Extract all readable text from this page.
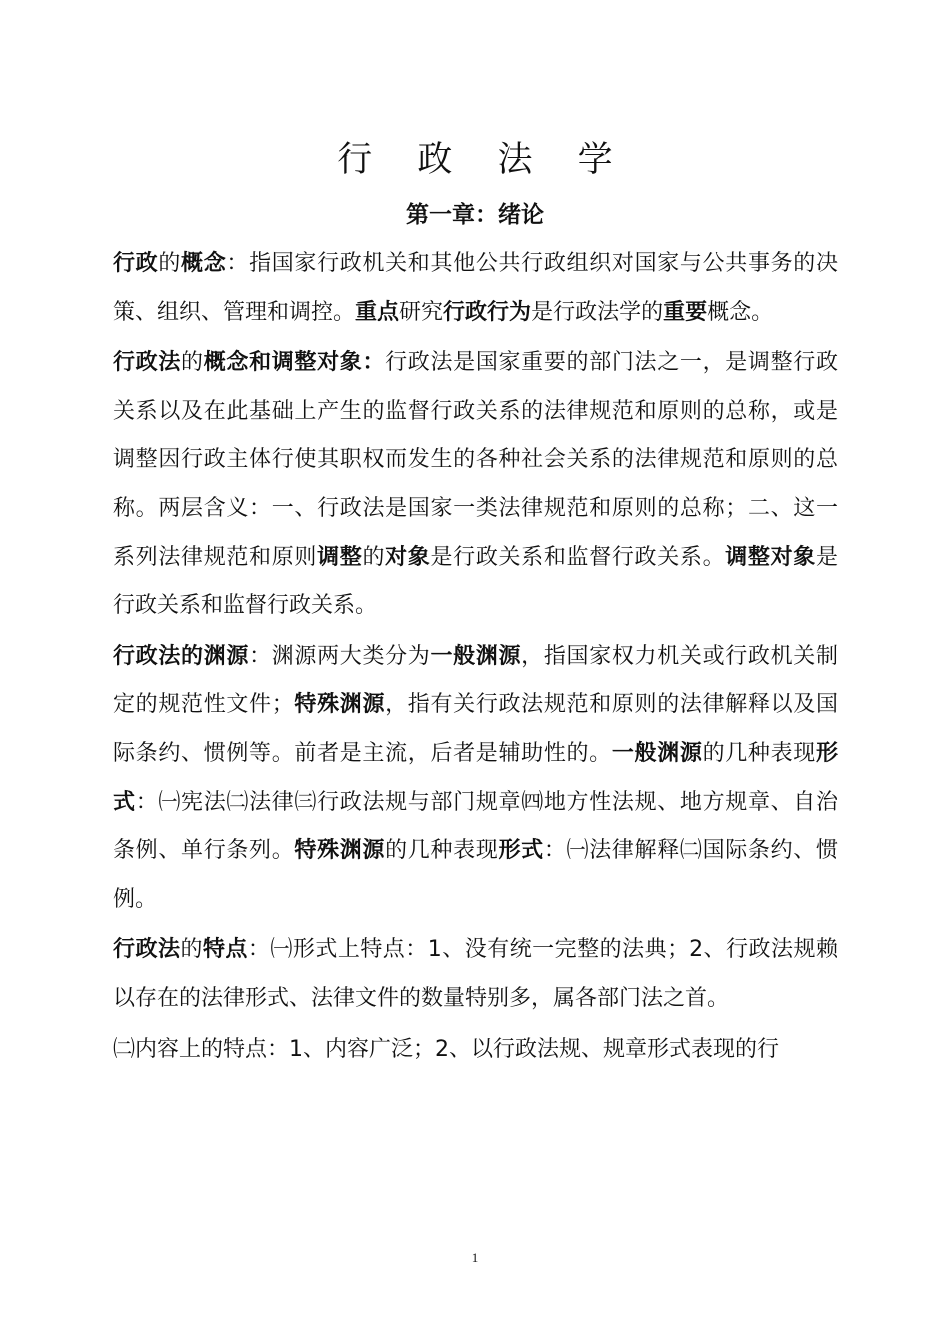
行 政 法 学
第一章：绪论

行政的概念：指国家行政机关和其他公共行政组织对国家与公共事务的决策、组织、管理和调控。重点研究行政行为是行政法学的重要概念。

行政法的概念和调整对象：行政法是国家重要的部门法之一，是调整行政关系以及在此基础上产生的监督行政关系的法律规范和原则的总称，或是调整因行政主体行使其职权而发生的各种社会关系的法律规范和原则的总称。两层含义：一、行政法是国家一类法律规范和原则的总称；二、这一系列法律规范和原则调整的对象是行政关系和监督行政关系。调整对象是行政关系和监督行政关系。

行政法的渊源：渊源两大类分为一般渊源，指国家权力机关或行政机关制定的规范性文件；特殊渊源，指有关行政法规范和原则的法律解释以及国际条约、惯例等。前者是主流，后者是辅助性的。一般渊源的几种表现形式：㈠宪法㈡法律㈢行政法规与部门规章㈣地方性法规、地方规章、自治条例、单行条列。特殊渊源的几种表现形式：㈠法律解释㈡国际条约、惯例。

行政法的特点：㈠形式上特点：1、没有统一完整的法典；2、行政法规赖以存在的法律形式、法律文件的数量特别多，属各部门法之首。

㈡内容上的特点：1、内容广泛；2、以行政法规、规章形式表现的行

1
